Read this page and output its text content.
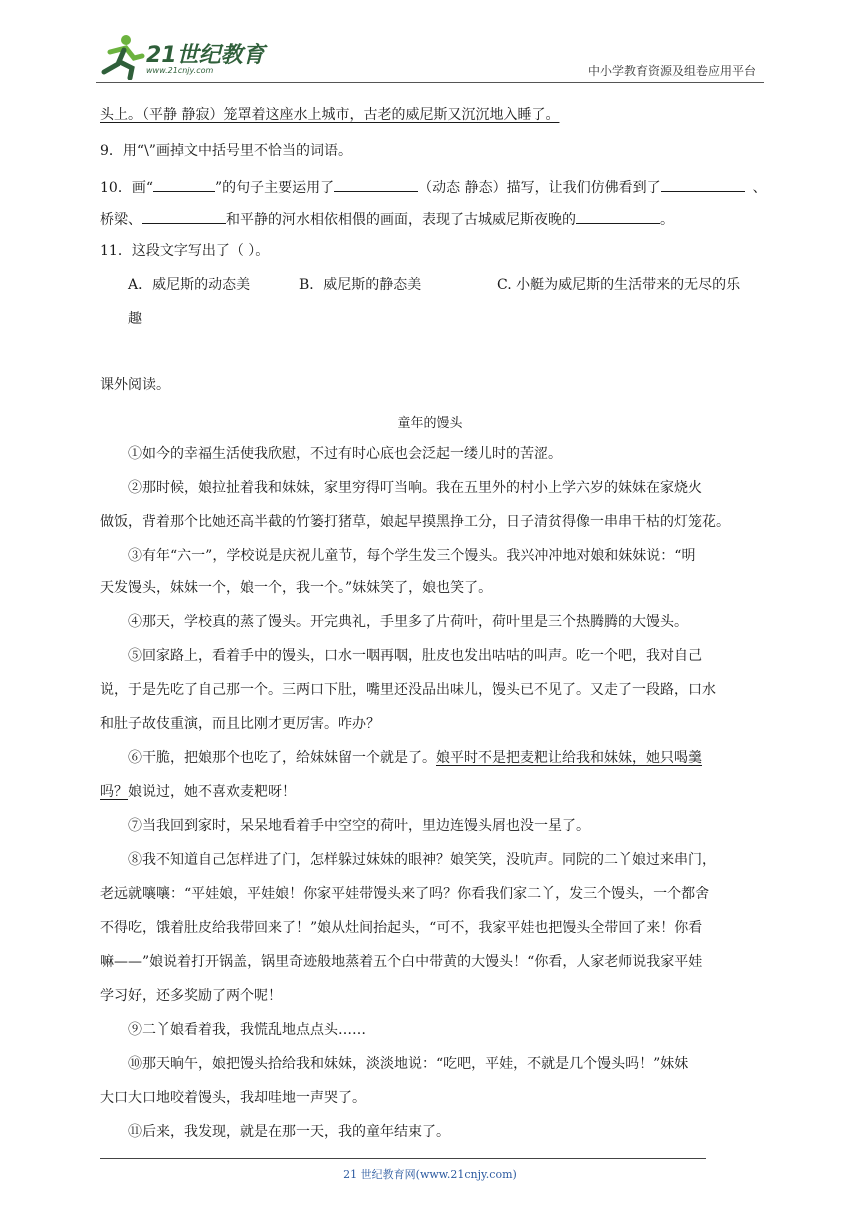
21世纪教育
www.21cnjy.com	中小学教育资源及组卷应用平台
头上。（平静 静寂）笼罩着这座水上城市，古老的威尼斯又沉沉地入睡了。
9．用“\”画掉文中括号里不恰当的词语。
10．画“	”的句子主要运用了	（动态 静态）描写，让我们仿佛看到了	、
桥梁、	和平静的河水相依相偎的画面，表现了古城威尼斯夜晚的	。
11．这段文字写出了（ ）。
A．威尼斯的动态美	B．威尼斯的静态美	C. 小艇为威尼斯的生活带来的无尽的乐
趣
课外阅读。
童年的馒头
①如今的幸福生活使我欣慰，不过有时心底也会泛起一缕儿时的苦涩。
②那时候，娘拉扯着我和妹妹，家里穷得叮当响。我在五里外的村小上学六岁的妹妹在家烧火
做饭，背着那个比她还高半截的竹篓打猪草，娘起早摸黑挣工分，日子清贫得像一串串干枯的灯笼花。
③有年“六一”，学校说是庆祝儿童节，每个学生发三个馒头。我兴冲冲地对娘和妹妹说：“明
天发馒头，妹妹一个，娘一个，我一个。”妹妹笑了，娘也笑了。
④那天，学校真的蒸了馒头。开完典礼，手里多了片荷叶，荷叶里是三个热腾腾的大馒头。
⑤回家路上，看着手中的馒头，口水一咽再咽，肚皮也发出咕咕的叫声。吃一个吧，我对自己
说，于是先吃了自己那一个。三两口下肚，嘴里还没品出味儿，馒头已不见了。又走了一段路，口水
和肚子故伎重演，而且比刚才更厉害。咋办？
⑥干脆，把娘那个也吃了，给妹妹留一个就是了。娘平时不是把麦粑让给我和妹妹，她只喝羹
吗？娘说过，她不喜欢麦粑呀！
⑦当我回到家时，呆呆地看着手中空空的荷叶，里边连馒头屑也没一星了。
⑧我不知道自己怎样进了门，怎样躲过妹妹的眼神？娘笑笑，没吭声。同院的二丫娘过来串门，
老远就嚷嚷：“平娃娘，平娃娘！你家平娃带馒头来了吗？你看我们家二丫，发三个馒头，一个都舍
不得吃，饿着肚皮给我带回来了！”娘从灶间抬起头，“可不，我家平娃也把馒头全带回了来！你看
嘛——”娘说着打开锅盖，锅里奇迹般地蒸着五个白中带黄的大馒头！“你看，人家老师说我家平娃
学习好，还多奖励了两个呢！
⑨二丫娘看着我，我慌乱地点点头……
⑩那天晌午，娘把馒头拾给我和妹妹，淡淡地说：“吃吧，平娃，不就是几个馒头吗！”妹妹
大口大口地咬着馒头，我却哇地一声哭了。
⑪后来，我发现，就是在那一天，我的童年结束了。
21 世纪教育网(www.21cnjy.com)
